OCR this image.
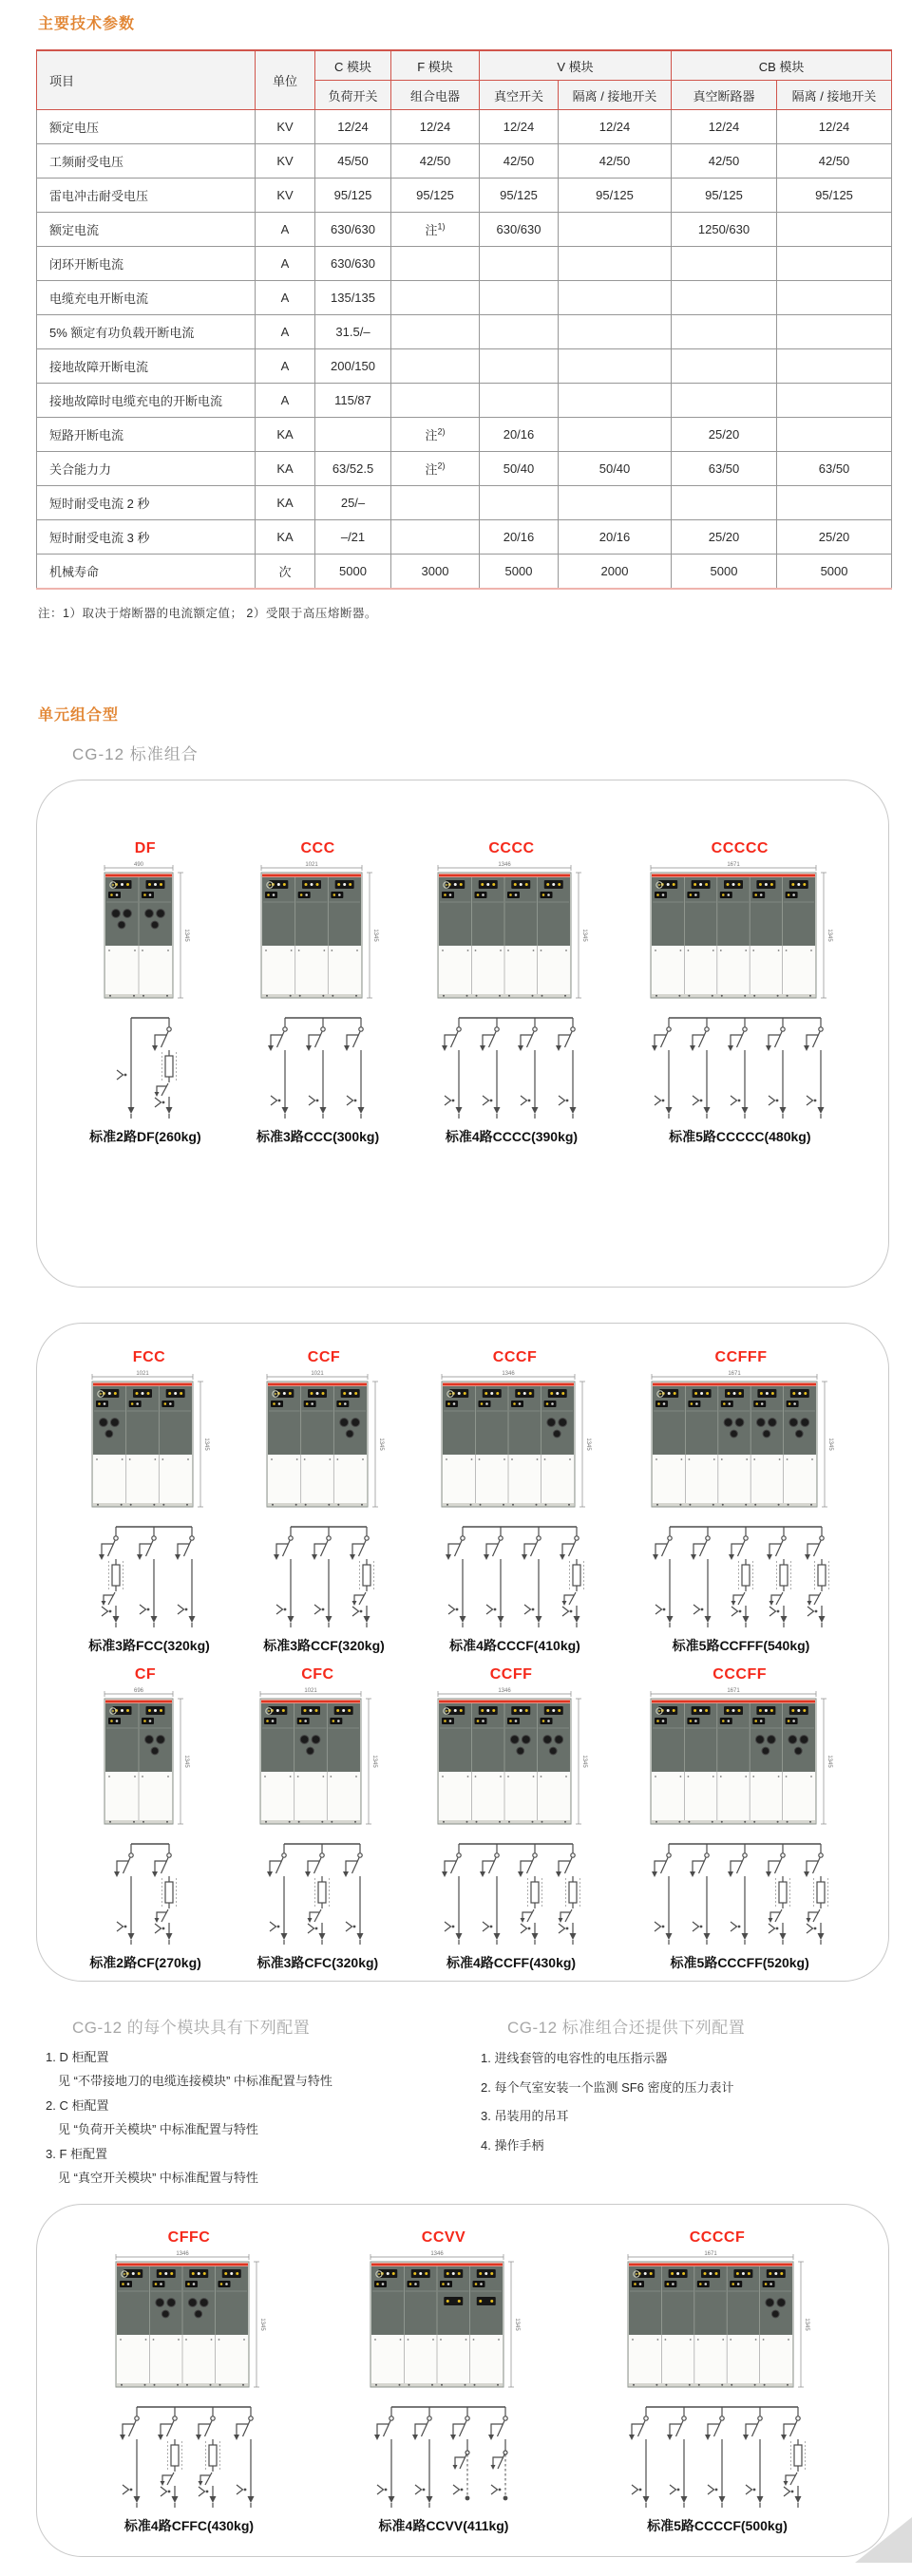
主要技术参数
项目	单位	C 模块	F 模块	V 模块		CB 模块	
		负荷开关	组合电器	真空开关	隔离 / 接地开关	真空断路器	隔离 / 接地开关
额定电压	KV	12/24	12/24	12/24	12/24	12/24	12/24
工频耐受电压	KV	45/50	42/50	42/50	42/50	42/50	42/50
雷电冲击耐受电压	KV	95/125	95/125	95/125	95/125	95/125	95/125
额定电流	A	630/630	注$^{1)}$	630/630		1250/630	
闭环开断电流	A	630/630					
电缆充电开断电流	A	135/135					
5% 额定有功负载开断电流	A	31.5/–					
接地故障开断电流	A	200/150					
接地故障时电缆充电的开断电流	A	115/87					
短路开断电流	KA		注$^{2)}$	20/16		25/20	
关合能力力	KA	63/52.5	注$^{2)}$	50/40	50/40	63/50	63/50
短时耐受电流 2 秒	KA	25/–					
短时耐受电流 3 秒	KA	–/21		20/16	20/16	25/20	25/20
机械寿命	次	5000	3000	5000	2000	5000	5000
注：1）取决于熔断器的电流额定值； 2）受限于高压熔断器。
单元组合型
CG-12 标准组合
DF
490
1345
标准2路DF(260kg)
CCC
1021
1345
标准3路CCC(300kg)
CCCC
1346
1345
标准4路CCCC(390kg)
CCCCC
1671
1345
标准5路CCCCC(480kg)
FCC
1021
1345
标准3路FCC(320kg)
CCF
1021
1345
标准3路CCF(320kg)
CCCF
1346
1345
标准4路CCCF(410kg)
CCFFF
1671
1345
标准5路CCFFF(540kg)
CF
696
1345
标准2路CF(270kg)
CFC
1021
1345
标准3路CFC(320kg)
CCFF
1346
1345
标准4路CCFF(430kg)
CCCFF
1671
1345
标准5路CCCFF(520kg)
CG-12 的每个模块具有下列配置
1. D 柜配置
见 “不带接地刀的电缆连接模块” 中标准配置与特性
2. C 柜配置
见 “负荷开关模块” 中标准配置与特性
3. F 柜配置
见 “真空开关模块” 中标准配置与特性
CG-12 标准组合还提供下列配置
1. 进线套管的电容性的电压指示器
2. 每个气室安装一个监测 SF6 密度的压力表计
3. 吊装用的吊耳
4. 操作手柄
CFFC
1346
1345
标准4路CFFC(430kg)
CCVV
1346
1345
标准4路CCVV(411kg)
CCCCF
1671
1345
标准5路CCCCF(500kg)
